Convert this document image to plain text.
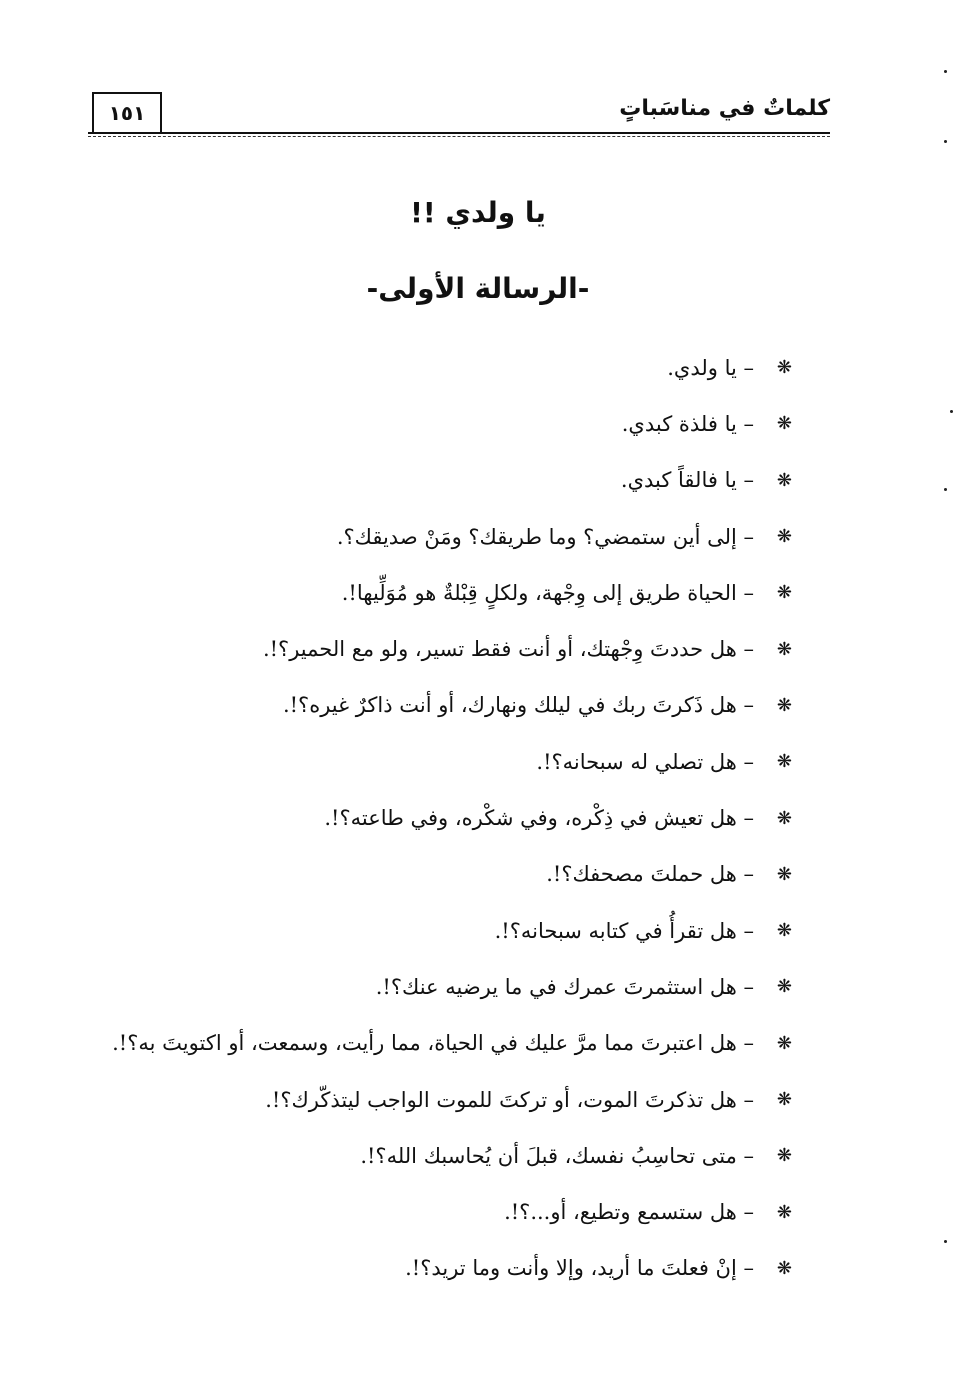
١٥١	كلماتٌ في مناسَباتٍ
يا ولدي !!
-الرسالة الأولى-
❋
– يا ولدي.
❋
– يا فلذة كبدي.
❋
– يا فالقاً كبدي.
❋
– إلى أين ستمضي؟ وما طريقك؟ ومَنْ صديقك؟.
❋
– الحياة طريق إلى وِجْهة، ولكلٍ قِبْلةٌ هو مُوَلِّيها!.
❋
– هل حددتَ وِجْهتك، أو أنت فقط تسير، ولو مع الحمير؟!.
❋
– هل ذَكرتَ ربك في ليلك ونهارك، أو أنت ذاكرٌ غيره؟!.
❋
– هل تصلي له سبحانه؟!.
❋
– هل تعيش في ذِكْره، وفي شكْره، وفي طاعته؟!.
❋
– هل حملتَ مصحفك؟!.
❋
– هل تقرأُ في كتابه سبحانه؟!.
❋
– هل استثمرتَ عمرك في ما يرضيه عنك؟!.
❋
– هل اعتبرتَ مما مرَّ عليك في الحياة، مما رأيت، وسمعت، أو اكتويتَ به؟!.
❋
– هل تذكرتَ الموت، أو تركتَ للموت الواجب ليتذكّرك؟!.
❋
– متى تحاسِبُ نفسك، قبلَ أن يُحاسبك الله؟!.
❋
– هل ستسمع وتطيع، أو...؟!.
❋
– إنْ فعلتَ ما أريد، وإلا وأنت وما تريد؟!.
